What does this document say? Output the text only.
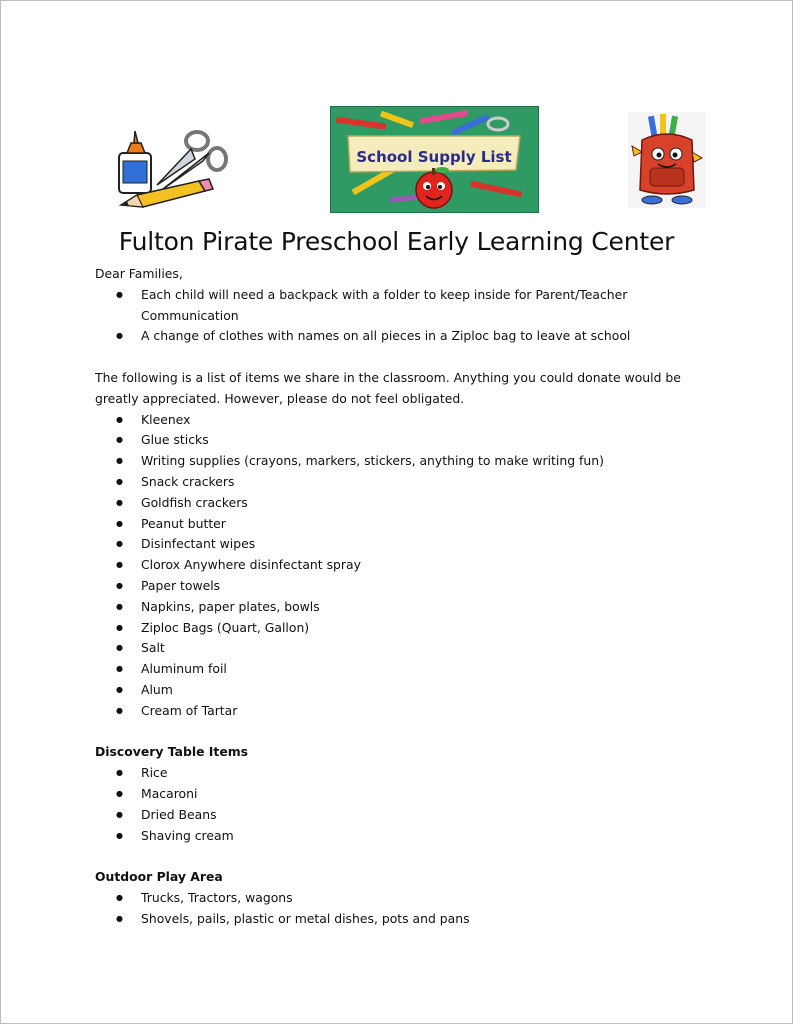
School Supply List
Fulton Pirate Preschool Early Learning Center

Dear Families,

● Each child will need a backpack with a folder to keep inside for Parent/Teacher

Communication

● A change of clothes with names on all pieces in a Ziploc bag to leave at school

The following is a list of items we share in the classroom. Anything you could donate would be

greatly appreciated. However, please do not feel obligated.

● Kleenex
● Glue sticks
● Writing supplies (crayons, markers, stickers, anything to make writing fun)
● Snack crackers
● Goldfish crackers
● Peanut butter
● Disinfectant wipes
● Clorox Anywhere disinfectant spray
● Paper towels
● Napkins, paper plates, bowls
● Ziploc Bags (Quart, Gallon)
● Salt
● Aluminum foil
● Alum
● Cream of Tartar

Discovery Table Items

● Rice
● Macaroni
● Dried Beans
● Shaving cream

Outdoor Play Area

● Trucks, Tractors, wagons
● Shovels, pails, plastic or metal dishes, pots and pans
